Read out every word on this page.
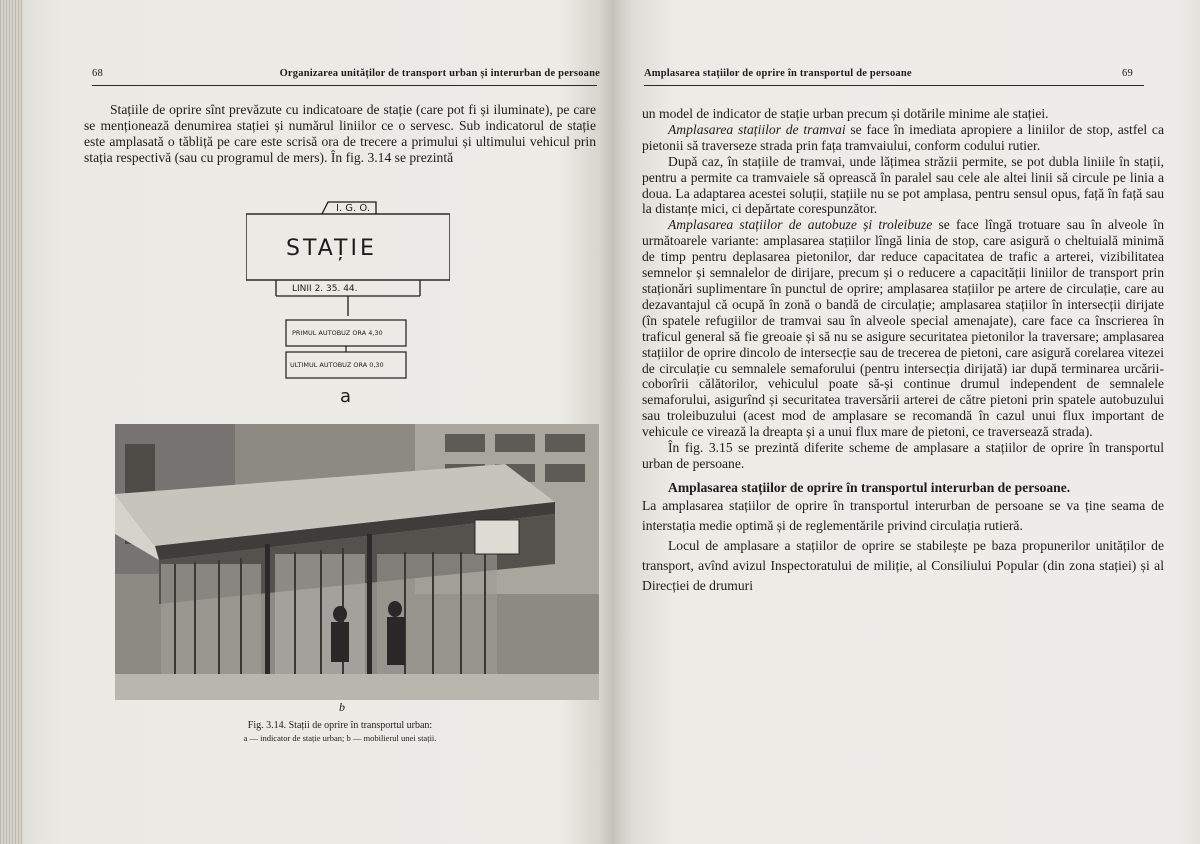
68	Organizarea unităților de transport urban și interurban de persoane

Stațiile de oprire sînt prevăzute cu indicatoare de stație (care pot fi și iluminate), pe care se menționează denumirea stației și numărul liniilor ce o servesc. Sub indicatorul de stație este amplasată o tăbliță pe care este scrisă ora de trecere a primului și ultimului vehicul prin stația respectivă (sau cu programul de mers). În fig. 3.14 se prezintă

I. G. O.
STAȚIE
LINII 2. 35. 44.
PRIMUL AUTOBUZ ORA 4,30
ULTIMUL AUTOBUZ ORA 0,30
a
b
Fig. 3.14. Stații de oprire în transportul urban:
a — indicator de stație urban; b — mobilierul unei stații.
Amplasarea stațiilor de oprire în transportul de persoane	69

un model de indicator de stație urban precum și dotările minime ale stației.

Amplasarea stațiilor de tramvai se face în imediata apropiere a liniilor de stop, astfel ca pietonii să traverseze strada prin fața tramvaiului, conform codului rutier.

După caz, în stațiile de tramvai, unde lățimea străzii permite, se pot dubla liniile în stații, pentru a permite ca tramvaiele să oprească în paralel sau cele ale altei linii să circule pe linia a doua. La adaptarea acestei soluții, stațiile nu se pot amplasa, pentru sensul opus, față în față sau la distanțe mici, ci depărtate corespunzător.

Amplasarea stațiilor de autobuze și troleibuze se face lîngă trotuare sau în alveole în următoarele variante: amplasarea stațiilor lîngă linia de stop, care asigură o cheltuială minimă de timp pentru deplasarea pietonilor, dar reduce capacitatea de trafic a arterei, vizibilitatea semnelor și semnalelor de dirijare, precum și o reducere a capacității liniilor de transport prin staționări suplimentare în punctul de oprire; amplasarea stațiilor pe artere de circulație, care au dezavantajul că ocupă în zonă o bandă de circulație; amplasarea stațiilor în intersecții dirijate (în spatele refugiilor de tramvai sau în alveole special amenajate), care face ca înscrierea în traficul general să fie greoaie și să nu se asigure securitatea pietonilor la traversare; amplasarea stațiilor de oprire dincolo de intersecție sau de trecerea de pietoni, care asigură corelarea vitezei de circulație cu semnalele semaforului (pentru intersecția dirijată) iar după terminarea urcării-coborîrii călătorilor, vehiculul poate să-și continue drumul independent de semnalele semaforului, asigurînd și securitatea traversării arterei de către pietoni prin spatele autobuzului sau troleibuzului (acest mod de amplasare se recomandă în cazul unui flux important de vehicule ce virează la dreapta și a unui flux mare de pietoni, ce traversează strada).

În fig. 3.15 se prezintă diferite scheme de amplasare a stațiilor de oprire în transportul urban de persoane.

Amplasarea stațiilor de oprire în transportul interurban de persoane.

La amplasarea stațiilor de oprire în transportul interurban de persoane se va ține seama de interstația medie optimă și de reglementările privind circulația rutieră.

Locul de amplasare a stațiilor de oprire se stabilește pe baza propunerilor unităților de transport, avînd avizul Inspectoratului de miliție, al Consiliului Popular (din zona stației) și al Direcției de drumuri
